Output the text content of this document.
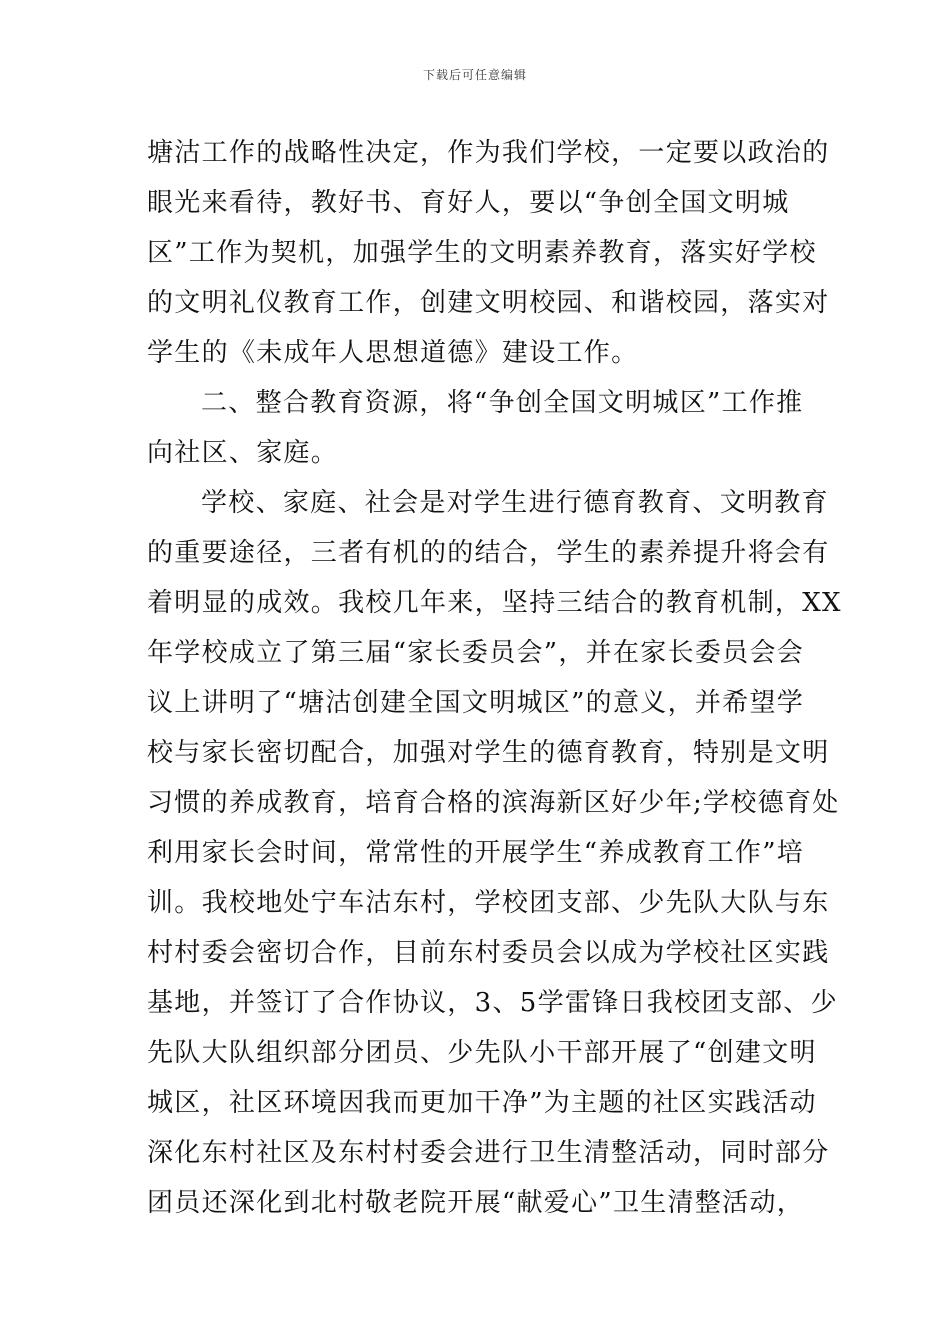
下载后可任意编辑
塘沽工作的战略性决定，作为我们学校，一定要以政治的
眼光来看待，教好书、育好人，要以“争创全国文明城
区”工作为契机，加强学生的文明素养教育，落实好学校
的文明礼仪教育工作，创建文明校园、和谐校园，落实对
学生的《未成年人思想道德》建设工作。
二、整合教育资源，将“争创全国文明城区”工作推
向社区、家庭。
学校、家庭、社会是对学生进行德育教育、文明教育
的重要途径，三者有机的的结合，学生的素养提升将会有
着明显的成效。我校几年来，坚持三结合的教育机制，XX
年学校成立了第三届“家长委员会”，并在家长委员会会
议上讲明了“塘沽创建全国文明城区”的意义，并希望学
校与家长密切配合，加强对学生的德育教育，特别是文明
习惯的养成教育，培育合格的滨海新区好少年;学校德育处
利用家长会时间，常常性的开展学生“养成教育工作”培
训。我校地处宁车沽东村，学校团支部、少先队大队与东
村村委会密切合作，目前东村委员会以成为学校社区实践
基地，并签订了合作协议，3、5学雷锋日我校团支部、少
先队大队组织部分团员、少先队小干部开展了“创建文明
城区，社区环境因我而更加干净”为主题的社区实践活动
深化东村社区及东村村委会进行卫生清整活动，同时部分
团员还深化到北村敬老院开展“献爱心”卫生清整活动，
